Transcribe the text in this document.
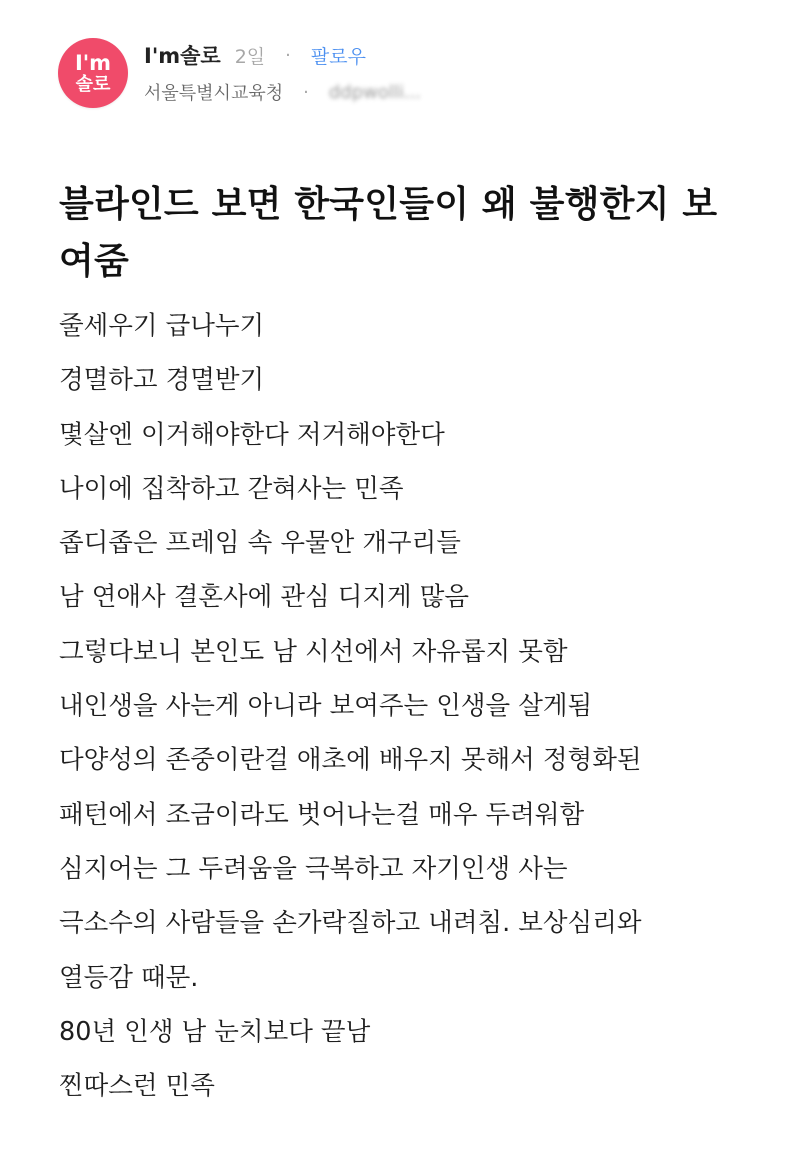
I'm
솔로
I'm솔로 2일 · 팔로우
서울특별시교육청 · ddpwolli...
블라인드 보면 한국인들이 왜 불행한지 보여줌
줄세우기 급나누기
경멸하고 경멸받기
몇살엔 이거해야한다 저거해야한다
나이에 집착하고 갇혀사는 민족
좁디좁은 프레임 속 우물안 개구리들
남 연애사 결혼사에 관심 디지게 많음
그렇다보니 본인도 남 시선에서 자유롭지 못함
내인생을 사는게 아니라 보여주는 인생을 살게됨
다양성의 존중이란걸 애초에 배우지 못해서 정형화된
패턴에서 조금이라도 벗어나는걸 매우 두려워함
심지어는 그 두려움을 극복하고 자기인생 사는
극소수의 사람들을 손가락질하고 내려침. 보상심리와
열등감 때문.
80년 인생 남 눈치보다 끝남
찐따스런 민족
